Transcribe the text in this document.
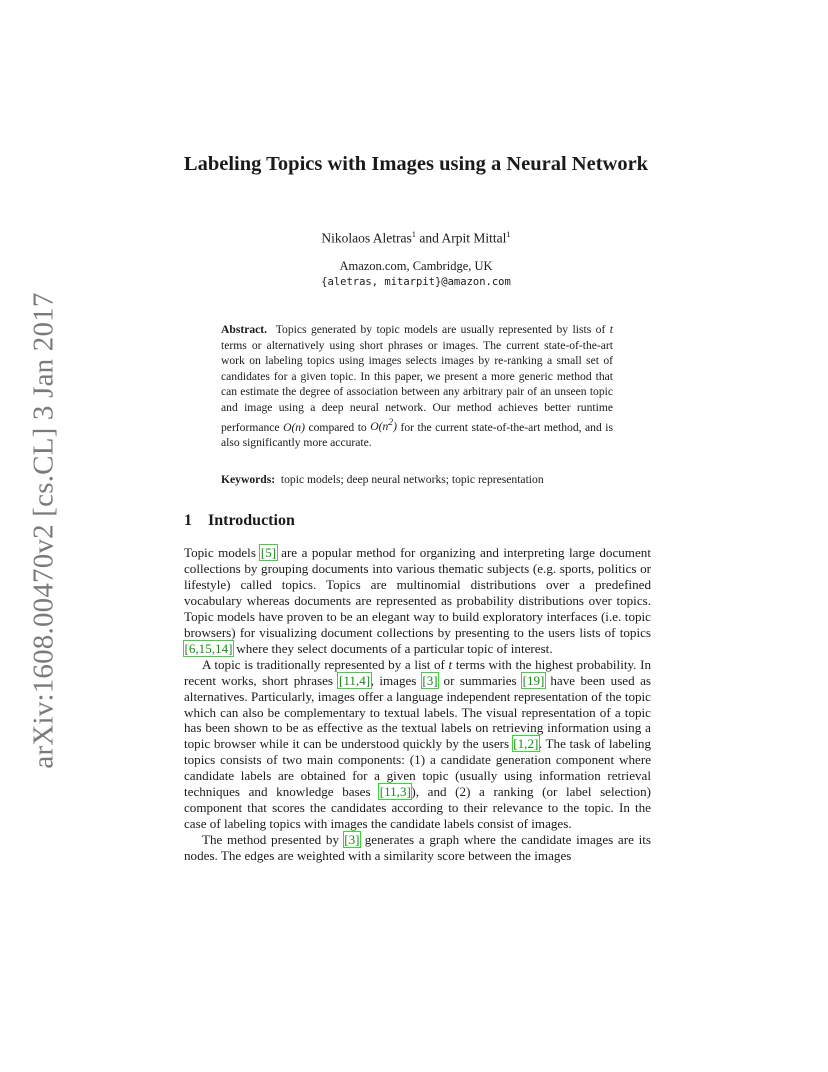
arXiv:1608.00470v2 [cs.CL] 3 Jan 2017
Labeling Topics with Images using a Neural Network
Nikolaos Aletras$^1$ and Arpit Mittal$^1$
Amazon.com, Cambridge, UK
{aletras, mitarpit}@amazon.com
Abstract. Topics generated by topic models are usually represented by lists of t terms or alternatively using short phrases or images. The current state-of-the-art work on labeling topics using images selects images by re-ranking a small set of candidates for a given topic. In this paper, we present a more generic method that can estimate the degree of association between any arbitrary pair of an unseen topic and image using a deep neural network. Our method achieves better runtime performance O(n) compared to $O(n^2)$ for the current state-of-the-art method, and is also significantly more accurate.
Keywords: topic models; deep neural networks; topic representation
1 Introduction

Topic models [5] are a popular method for organizing and interpreting large document collections by grouping documents into various thematic subjects (e.g. sports, politics or lifestyle) called topics. Topics are multinomial distributions over a predefined vocabulary whereas documents are represented as probability distributions over topics. Topic models have proven to be an elegant way to build exploratory interfaces (i.e. topic browsers) for visualizing document collections by presenting to the users lists of topics [6,15,14] where they select documents of a particular topic of interest.

A topic is traditionally represented by a list of t terms with the highest probability. In recent works, short phrases [11,4], images [3] or summaries [19] have been used as alternatives. Particularly, images offer a language independent representation of the topic which can also be complementary to textual labels. The visual representation of a topic has been shown to be as effective as the textual labels on retrieving information using a topic browser while it can be understood quickly by the users [1,2]. The task of labeling topics consists of two main components: (1) a candidate generation component where candidate labels are obtained for a given topic (usually using information retrieval techniques and knowledge bases [11,3]), and (2) a ranking (or label selection) component that scores the candidates according to their relevance to the topic. In the case of labeling topics with images the candidate labels consist of images.

The method presented by [3] generates a graph where the candidate images are its nodes. The edges are weighted with a similarity score between the images
